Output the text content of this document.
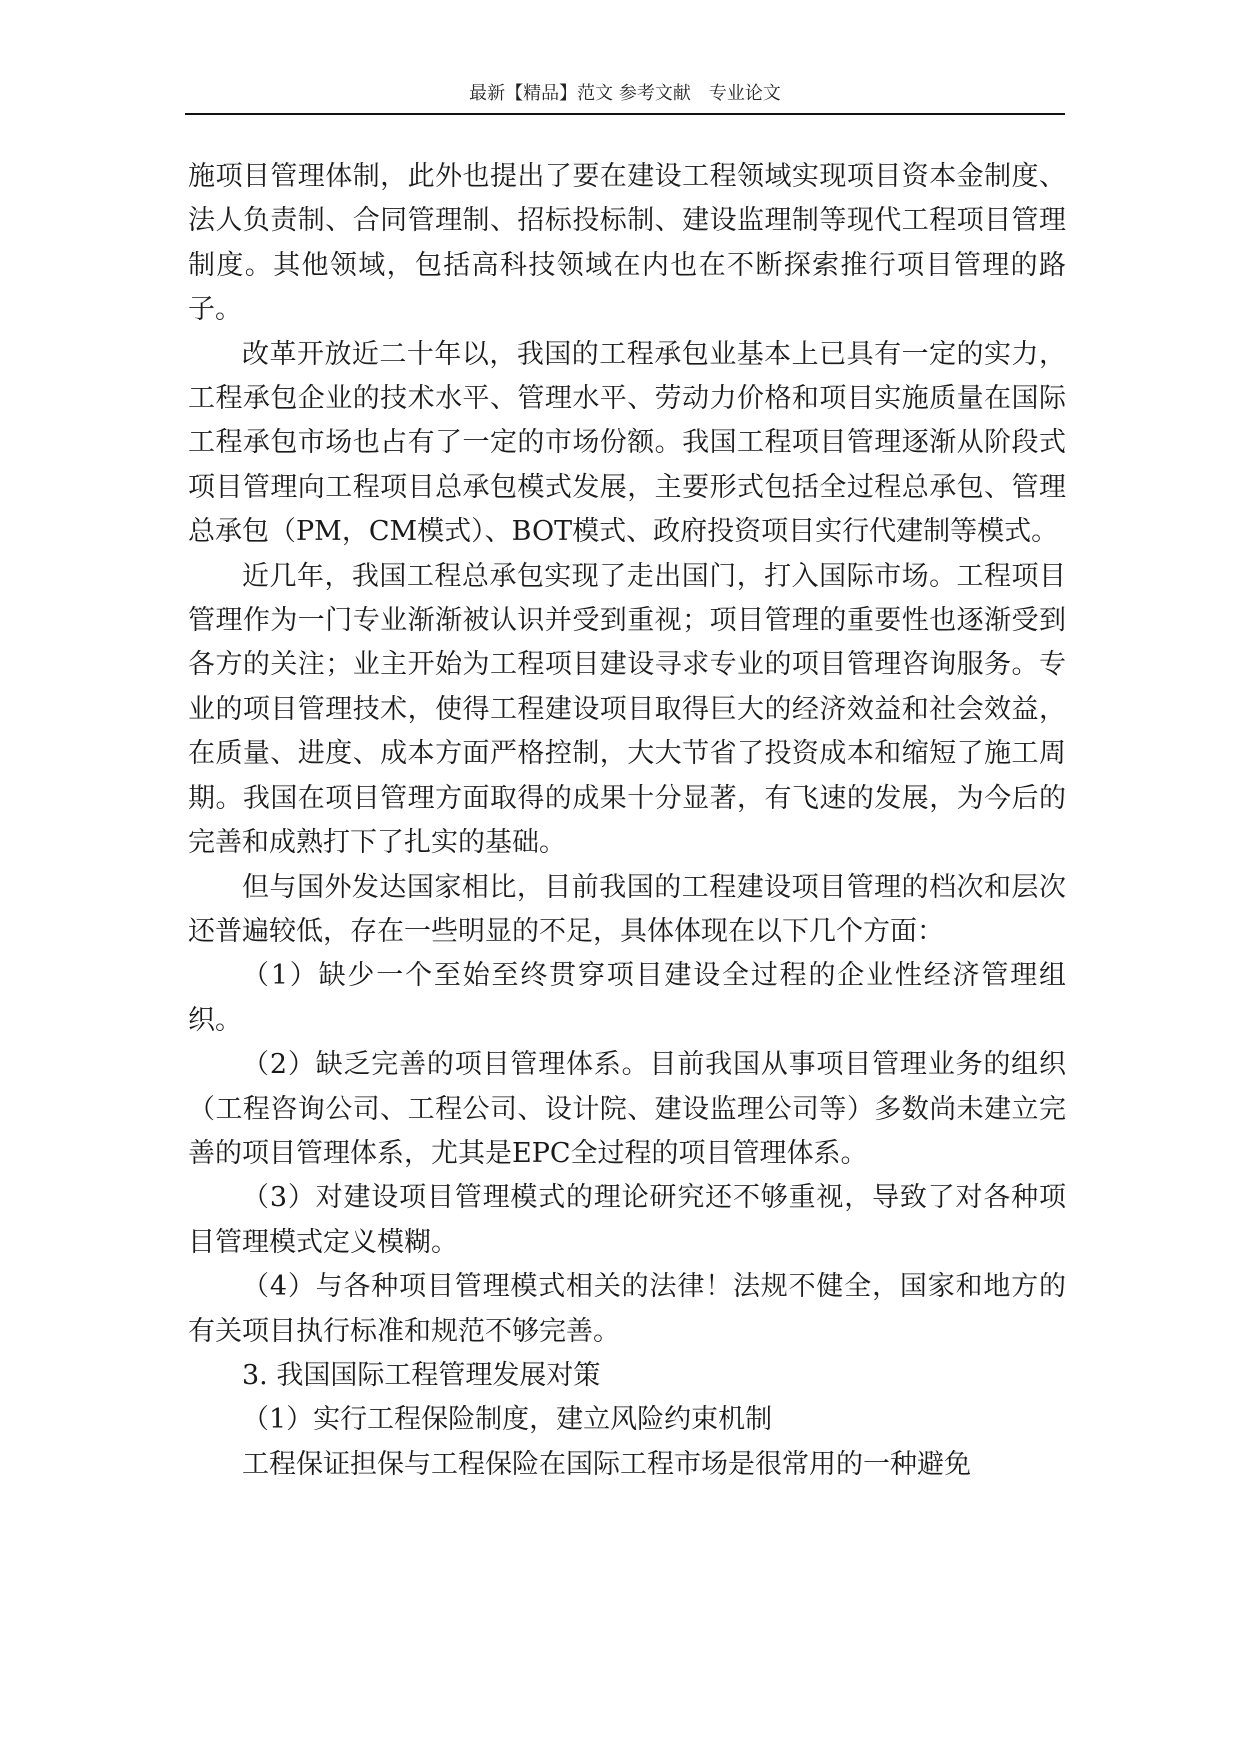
最新【精品】范文 参考文献　专业论文

施项目管理体制，此外也提出了要在建设工程领域实现项目资本金制度、法人负责制、合同管理制、招标投标制、建设监理制等现代工程项目管理制度。其他领域，包括高科技领域在内也在不断探索推行项目管理的路子。

改革开放近二十年以，我国的工程承包业基本上已具有一定的实力，工程承包企业的技术水平、管理水平、劳动力价格和项目实施质量在国际工程承包市场也占有了一定的市场份额。我国工程项目管理逐渐从阶段式项目管理向工程项目总承包模式发展，主要形式包括全过程总承包、管理总承包（PM，CM模式）、BOT模式、政府投资项目实行代建制等模式。

近几年，我国工程总承包实现了走出国门，打入国际市场。工程项目管理作为一门专业渐渐被认识并受到重视；项目管理的重要性也逐渐受到各方的关注；业主开始为工程项目建设寻求专业的项目管理咨询服务。专业的项目管理技术，使得工程建设项目取得巨大的经济效益和社会效益，在质量、进度、成本方面严格控制，大大节省了投资成本和缩短了施工周期。我国在项目管理方面取得的成果十分显著，有飞速的发展，为今后的完善和成熟打下了扎实的基础。

但与国外发达国家相比，目前我国的工程建设项目管理的档次和层次还普遍较低，存在一些明显的不足，具体体现在以下几个方面：

（1）缺少一个至始至终贯穿项目建设全过程的企业性经济管理组织。

（2）缺乏完善的项目管理体系。目前我国从事项目管理业务的组织（工程咨询公司、工程公司、设计院、建设监理公司等）多数尚未建立完善的项目管理体系，尤其是EPC全过程的项目管理体系。

（3）对建设项目管理模式的理论研究还不够重视，导致了对各种项目管理模式定义模糊。

（4）与各种项目管理模式相关的法律！法规不健全，国家和地方的有关项目执行标准和规范不够完善。

3. 我国国际工程管理发展对策

（1）实行工程保险制度，建立风险约束机制

工程保证担保与工程保险在国际工程市场是很常用的一种避免
